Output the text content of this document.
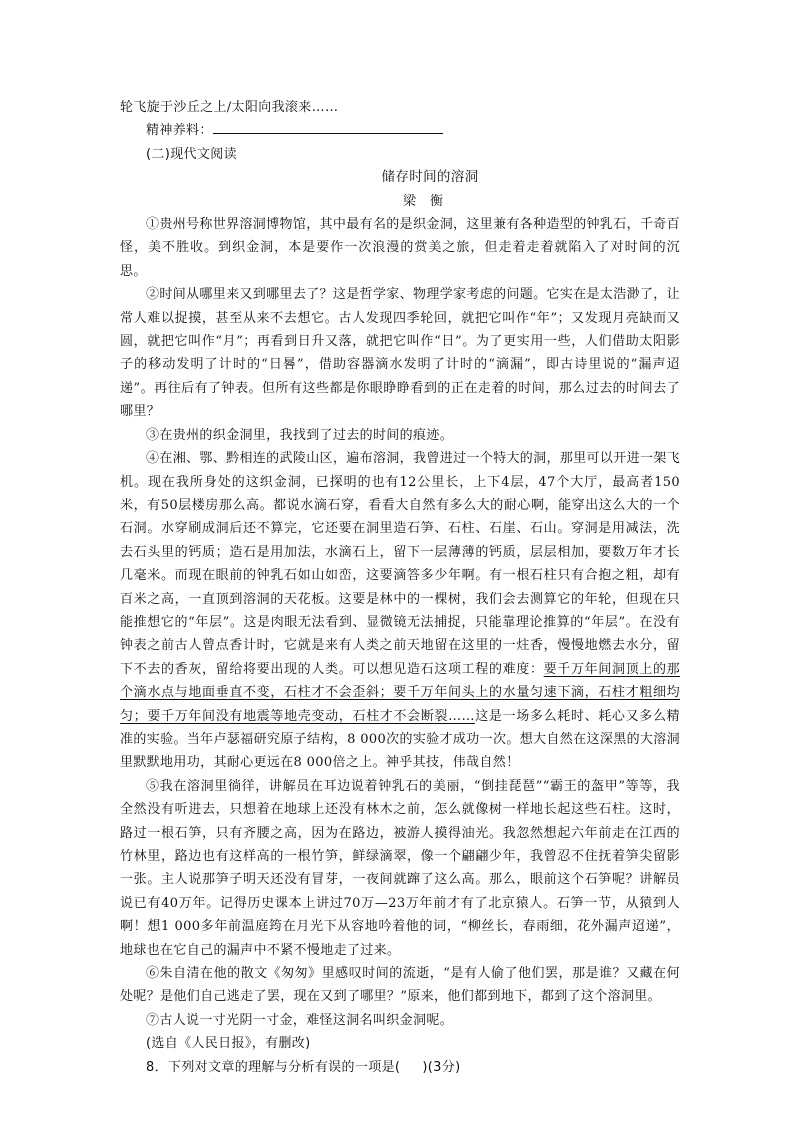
轮飞旋于沙丘之上/太阳向我滚来……

精神养料：

(二)现代文阅读

储存时间的溶洞

梁衡

①贵州号称世界溶洞博物馆，其中最有名的是织金洞，这里兼有各种造型的钟乳石，千奇百怪，美不胜收。到织金洞，本是要作一次浪漫的赏美之旅，但走着走着就陷入了对时间的沉思。

②时间从哪里来又到哪里去了？这是哲学家、物理学家考虑的问题。它实在是太浩渺了，让常人难以捉摸，甚至从来不去想它。古人发现四季轮回，就把它叫作“年”；又发现月亮缺而又圆，就把它叫作“月”；再看到日升又落，就把它叫作“日”。为了更实用一些，人们借助太阳影子的移动发明了计时的“日晷”，借助容器滴水发明了计时的“滴漏”，即古诗里说的“漏声迢递”。再往后有了钟表。但所有这些都是你眼睁睁看到的正在走着的时间，那么过去的时间去了哪里？

③在贵州的织金洞里，我找到了过去的时间的痕迹。

④在湘、鄂、黔相连的武陵山区，遍布溶洞，我曾进过一个特大的洞，那里可以开进一架飞机。现在我所身处的这织金洞，已探明的也有12公里长，上下4层，47个大厅，最高者150米，有50层楼房那么高。都说水滴石穿，看看大自然有多么大的耐心啊，能穿出这么大的一个石洞。水穿刷成洞后还不算完，它还要在洞里造石笋、石柱、石崖、石山。穿洞是用减法，洗去石头里的钙质；造石是用加法，水滴石上，留下一层薄薄的钙质，层层相加，要数万年才长几毫米。而现在眼前的钟乳石如山如峦，这要滴答多少年啊。有一根石柱只有合抱之粗，却有百米之高，一直顶到溶洞的天花板。这要是林中的一棵树，我们会去测算它的年轮，但现在只能推想它的“年层”。这是肉眼无法看到、显微镜无法捕捉，只能靠理论推算的“年层”。在没有钟表之前古人曾点香计时，它就是来有人类之前天地留在这里的一炷香，慢慢地燃去水分，留下不去的香灰，留给将要出现的人类。可以想见造石这项工程的难度：要千万年间洞顶上的那个滴水点与地面垂直不变，石柱才不会歪斜；要千万年间头上的水量匀速下滴，石柱才粗细均匀；要千万年间没有地震等地壳变动，石柱才不会断裂……这是一场多么耗时、耗心又多么精准的实验。当年卢瑟福研究原子结构，8 000次的实验才成功一次。想大自然在这深黑的大溶洞里默默地用功，其耐心更远在8 000倍之上。神乎其技，伟哉自然！

⑤我在溶洞里徜徉，讲解员在耳边说着钟乳石的美丽，“倒挂琵琶”“霸王的盔甲”等等，我全然没有听进去，只想着在地球上还没有林木之前，怎么就像树一样地长起这些石柱。这时，路过一根石笋，只有齐腰之高，因为在路边，被游人摸得油光。我忽然想起六年前走在江西的竹林里，路边也有这样高的一根竹笋，鲜绿滴翠，像一个翩翩少年，我曾忍不住抚着笋尖留影一张。主人说那笋子明天还没有冒芽，一夜间就蹿了这么高。那么，眼前这个石笋呢？讲解员说已有40万年。记得历史课本上讲过70万—23万年前才有了北京猿人。石笋一节，从猿到人啊！想1 000多年前温庭筠在月光下从容地吟着他的词，“柳丝长，春雨细，花外漏声迢递”，地球也在它自己的漏声中不紧不慢地走了过来。

⑥朱自清在他的散文《匆匆》里感叹时间的流逝，“是有人偷了他们罢，那是谁？又藏在何处呢？是他们自己逃走了罢，现在又到了哪里？”原来，他们都到地下，都到了这个溶洞里。

⑦古人说一寸光阴一寸金，难怪这洞名叫织金洞呢。

(选自《人民日报》，有删改)

8．下列对文章的理解与分析有误的一项是( )(3分)
